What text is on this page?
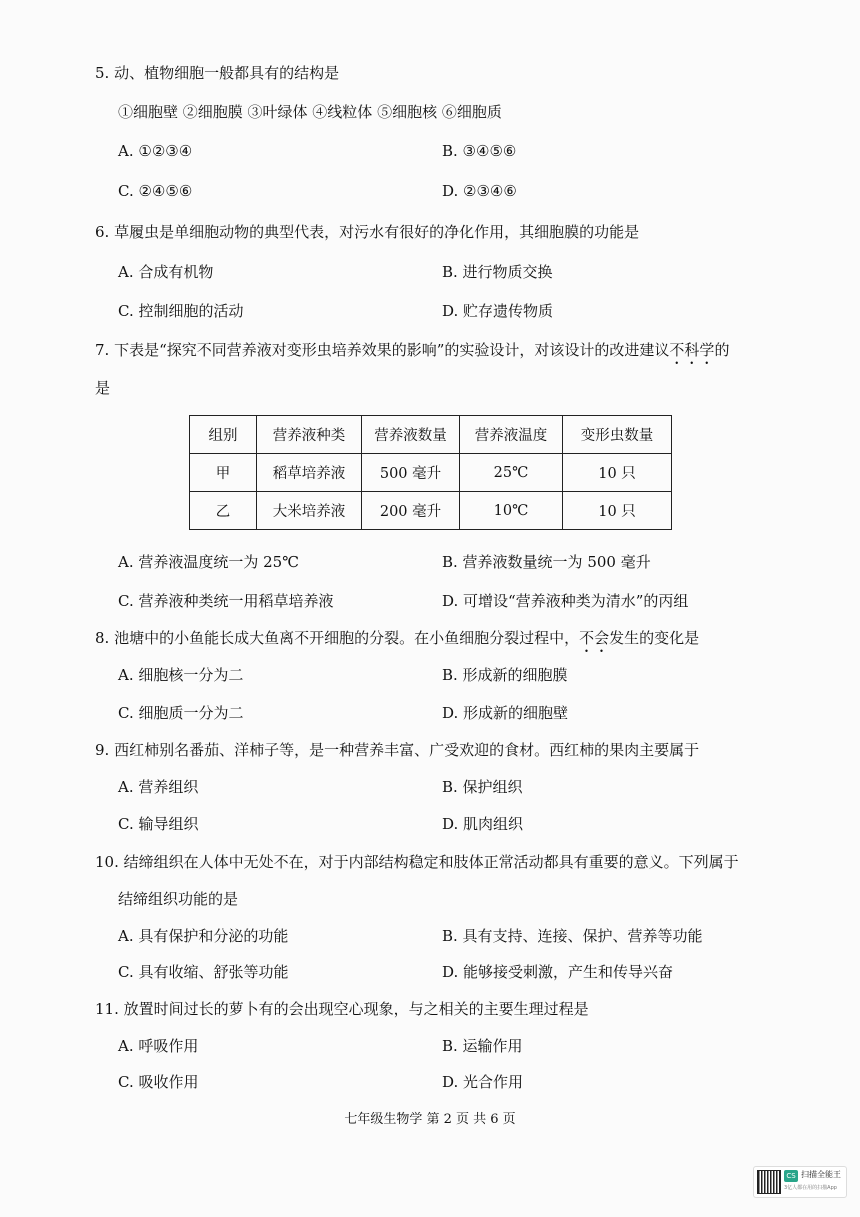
5. 动、植物细胞一般都具有的结构是
①细胞壁 ②细胞膜 ③叶绿体 ④线粒体 ⑤细胞核 ⑥细胞质
A. ①②③④	B. ③④⑤⑥
C. ②④⑤⑥	D. ②③④⑥
6. 草履虫是单细胞动物的典型代表，对污水有很好的净化作用，其细胞膜的功能是
A. 合成有机物	B. 进行物质交换
C. 控制细胞的活动	D. 贮存遗传物质
7. 下表是“探究不同营养液对变形虫培养效果的影响”的实验设计，对该设计的改进建议不科学的
是
组别	营养液种类	营养液数量	营养液温度	变形虫数量
甲	稻草培养液	500 毫升	25℃	10 只
乙	大米培养液	200 毫升	10℃	10 只
A. 营养液温度统一为 25℃	B. 营养液数量统一为 500 毫升
C. 营养液种类统一用稻草培养液	D. 可增设“营养液种类为清水”的丙组
8. 池塘中的小鱼能长成大鱼离不开细胞的分裂。在小鱼细胞分裂过程中，不会发生的变化是
A. 细胞核一分为二	B. 形成新的细胞膜
C. 细胞质一分为二	D. 形成新的细胞壁
9. 西红柿别名番茄、洋柿子等，是一种营养丰富、广受欢迎的食材。西红柿的果肉主要属于
A. 营养组织	B. 保护组织
C. 输导组织	D. 肌肉组织
10. 结缔组织在人体中无处不在，对于内部结构稳定和肢体正常活动都具有重要的意义。下列属于
结缔组织功能的是
A. 具有保护和分泌的功能	B. 具有支持、连接、保护、营养等功能
C. 具有收缩、舒张等功能	D. 能够接受刺激，产生和传导兴奋
11. 放置时间过长的萝卜有的会出现空心现象，与之相关的主要生理过程是
A. 呼吸作用	B. 运输作用
C. 吸收作用	D. 光合作用
七年级生物学 第 2 页 共 6 页
CS 扫描全能王
3亿人都在用的扫描App
